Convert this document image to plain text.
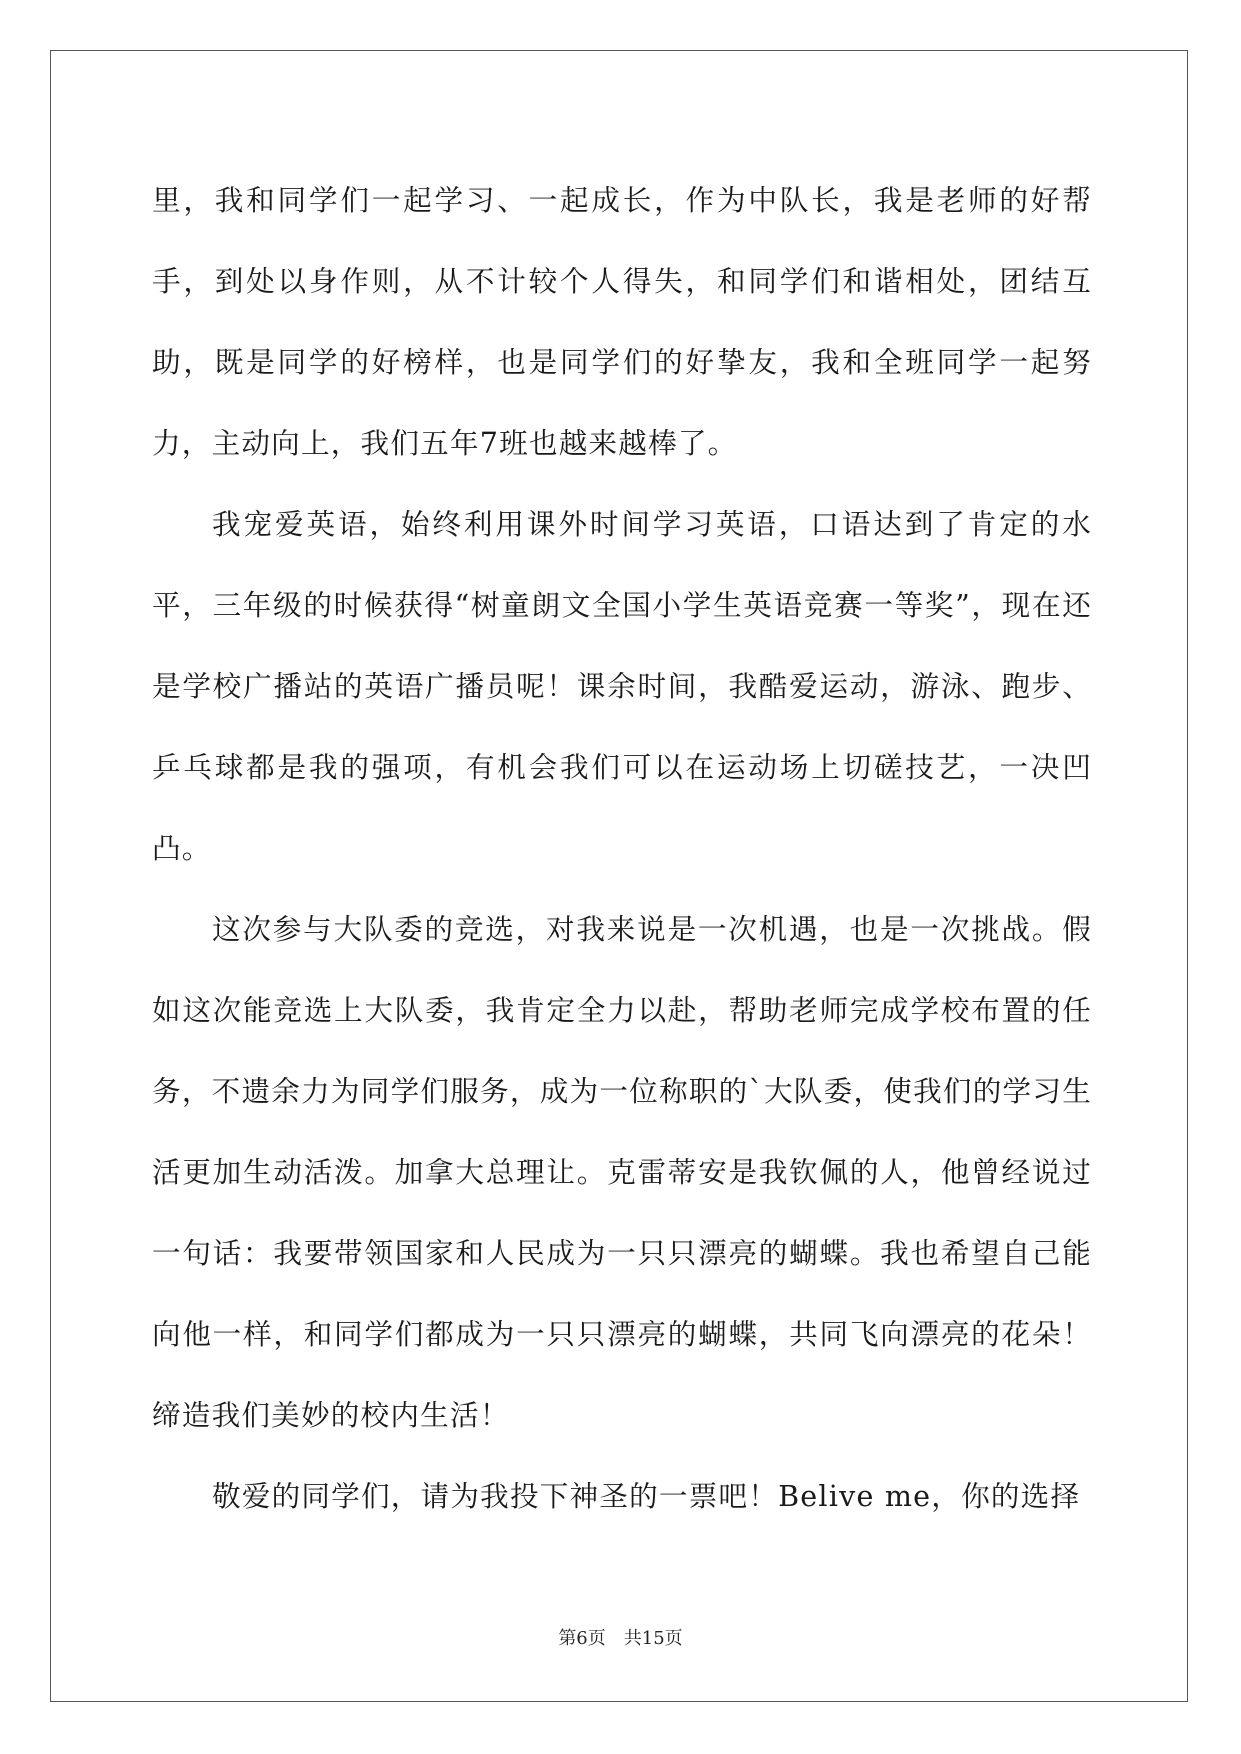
里，我和同学们一起学习、一起成长，作为中队长，我是老师的好帮手，到处以身作则，从不计较个人得失，和同学们和谐相处，团结互助，既是同学的好榜样，也是同学们的好挚友，我和全班同学一起努力，主动向上，我们五年7班也越来越棒了。

我宠爱英语，始终利用课外时间学习英语，口语达到了肯定的水平，三年级的时候获得“树童朗文全国小学生英语竞赛一等奖”，现在还是学校广播站的英语广播员呢！课余时间，我酷爱运动，游泳、跑步、乒乓球都是我的强项，有机会我们可以在运动场上切磋技艺，一决凹凸。

这次参与大队委的竞选，对我来说是一次机遇，也是一次挑战。假如这次能竞选上大队委，我肯定全力以赴，帮助老师完成学校布置的任务，不遗余力为同学们服务，成为一位称职的`大队委，使我们的学习生活更加生动活泼。加拿大总理让。克雷蒂安是我钦佩的人，他曾经说过一句话：我要带领国家和人民成为一只只漂亮的蝴蝶。我也希望自己能向他一样，和同学们都成为一只只漂亮的蝴蝶，共同飞向漂亮的花朵！缔造我们美妙的校内生活！

敬爱的同学们，请为我投下神圣的一票吧！Belive me，你的选择

第6页 共15页
